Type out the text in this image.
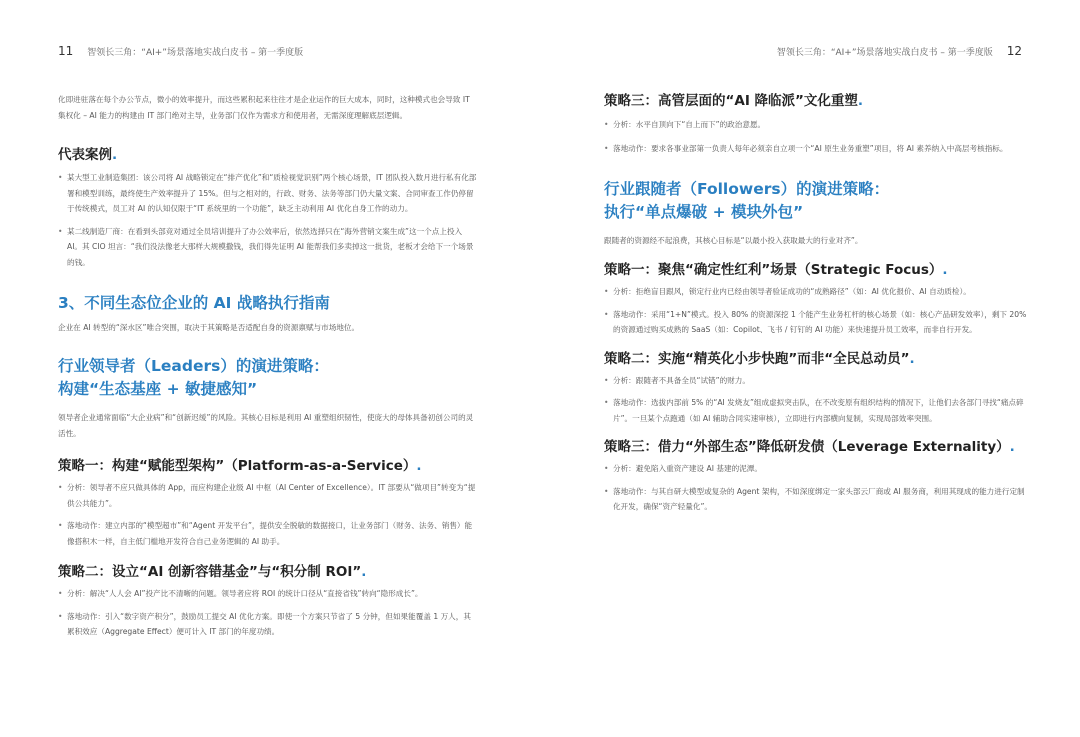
11 智领长三角：“AI+”场景落地实战白皮书 – 第一季度版

化即进驻落在每个办公节点，微小的效率提升，而这些累积起来往往才是企业运作的巨大成本，同时，这种模式也会导致 IT 集权化 – AI 能力的构建由 IT 部门绝对主导，业务部门仅作为需求方和使用者，无需深度理解底层逻辑。

代表案例.
• 某大型工业制造集团：该公司将 AI 战略锁定在“排产优化”和“质检视觉识别”两个核心场景，IT 团队投入数月进行私有化部署和模型训练，最终使生产效率提升了 15%。但与之相对的，行政、财务、法务等部门仍大量文案、合同审查工作仍停留于传统模式，员工对 AI 的认知仅限于“IT 系统里的一个功能”，缺乏主动利用 AI 优化自身工作的动力。
• 某二线制造厂商：在看到头部竞对通过全员培训提升了办公效率后，依然选择只在“海外营销文案生成”这一个点上投入 AI。其 CIO 坦言：“我们没法像老大那样大规模撒钱，我们得先证明 AI 能帮我们多卖掉这一批货，老板才会给下一个场景的钱。
3、不同生态位企业的 AI 战略执行指南

企业在 AI 转型的“深水区”唯合突围，取决于其策略是否适配自身的资源禀赋与市场地位。

行业领导者（Leaders）的演进策略：
构建“生态基座 + 敏捷感知”

领导者企业通常面临“大企业病”和“创新迟缓”的风险。其核心目标是利用 AI 重塑组织韧性，使庞大的母体具备初创公司的灵活性。

策略一：构建“赋能型架构”（Platform-as-a-Service）.
• 分析：领导者不应只做具体的 App，而应构建企业级 AI 中枢（AI Center of Excellence）。IT 部要从“做项目”转变为“提供公共能力”。
• 落地动作：建立内部的“模型超市”和“Agent 开发平台”，提供安全脱敏的数据接口，让业务部门（财务、法务、销售）能像搭积木一样，自主低门槛地开发符合自己业务逻辑的 AI 助手。
策略二：设立“AI 创新容错基金”与“积分制 ROI”.
• 分析：解决“人人会 AI”投产比不清晰的问题。领导者应将 ROI 的统计口径从“直接省钱”转向“隐形成长”。
• 落地动作：引入“数字资产积分”，鼓励员工提交 AI 优化方案。即使一个方案只节省了 5 分钟，但如果能覆盖 1 万人，其累积效应（Aggregate Effect）便可计入 IT 部门的年度功绩。
智领长三角：“AI+”场景落地实战白皮书 – 第一季度版 12
策略三：高管层面的“AI 降临派”文化重塑.
• 分析：水平自顶向下“自上而下”的政治意愿。
• 落地动作：要求各事业部第一负责人每年必须亲自立项一个“AI 原生业务重塑”项目，将 AI 素养纳入中高层考核指标。
行业跟随者（Followers）的演进策略：
执行“单点爆破 + 模块外包”

跟随者的资源经不起浪费，其核心目标是“以最小投入获取最大的行业对齐”。

策略一：聚焦“确定性红利”场景（Strategic Focus）.
• 分析：拒绝盲目跟风，锁定行业内已经由领导者验证成功的“成熟路径”（如：AI 优化报价、AI 自动质检）。
• 落地动作：采用“1+N”模式。投入 80% 的资源深挖 1 个能产生业务杠杆的核心场景（如：核心产品研发效率），剩下 20% 的资源通过购买成熟的 SaaS（如：Copilot、飞书 / 钉钉的 AI 功能）来快速提升员工效率，而非自行开发。
策略二：实施“精英化小步快跑”而非“全民总动员”.
• 分析：跟随者不具备全员“试错”的财力。
• 落地动作：选拔内部前 5% 的“AI 发烧友”组成虚拟突击队，在不改变原有组织结构的情况下，让他们去各部门寻找“痛点碎片”。一旦某个点跑通（如 AI 辅助合同实速审核），立即进行内部横向复制，实现局部效率突围。
策略三：借力“外部生态”降低研发债（Leverage Externality）.
• 分析：避免陷入重资产建设 AI 基建的泥潭。
• 落地动作：与其自研大模型或复杂的 Agent 架构，不如深度绑定一家头部云厂商或 AI 服务商，利用其现成的能力进行定制化开发，确保“资产轻量化”。
